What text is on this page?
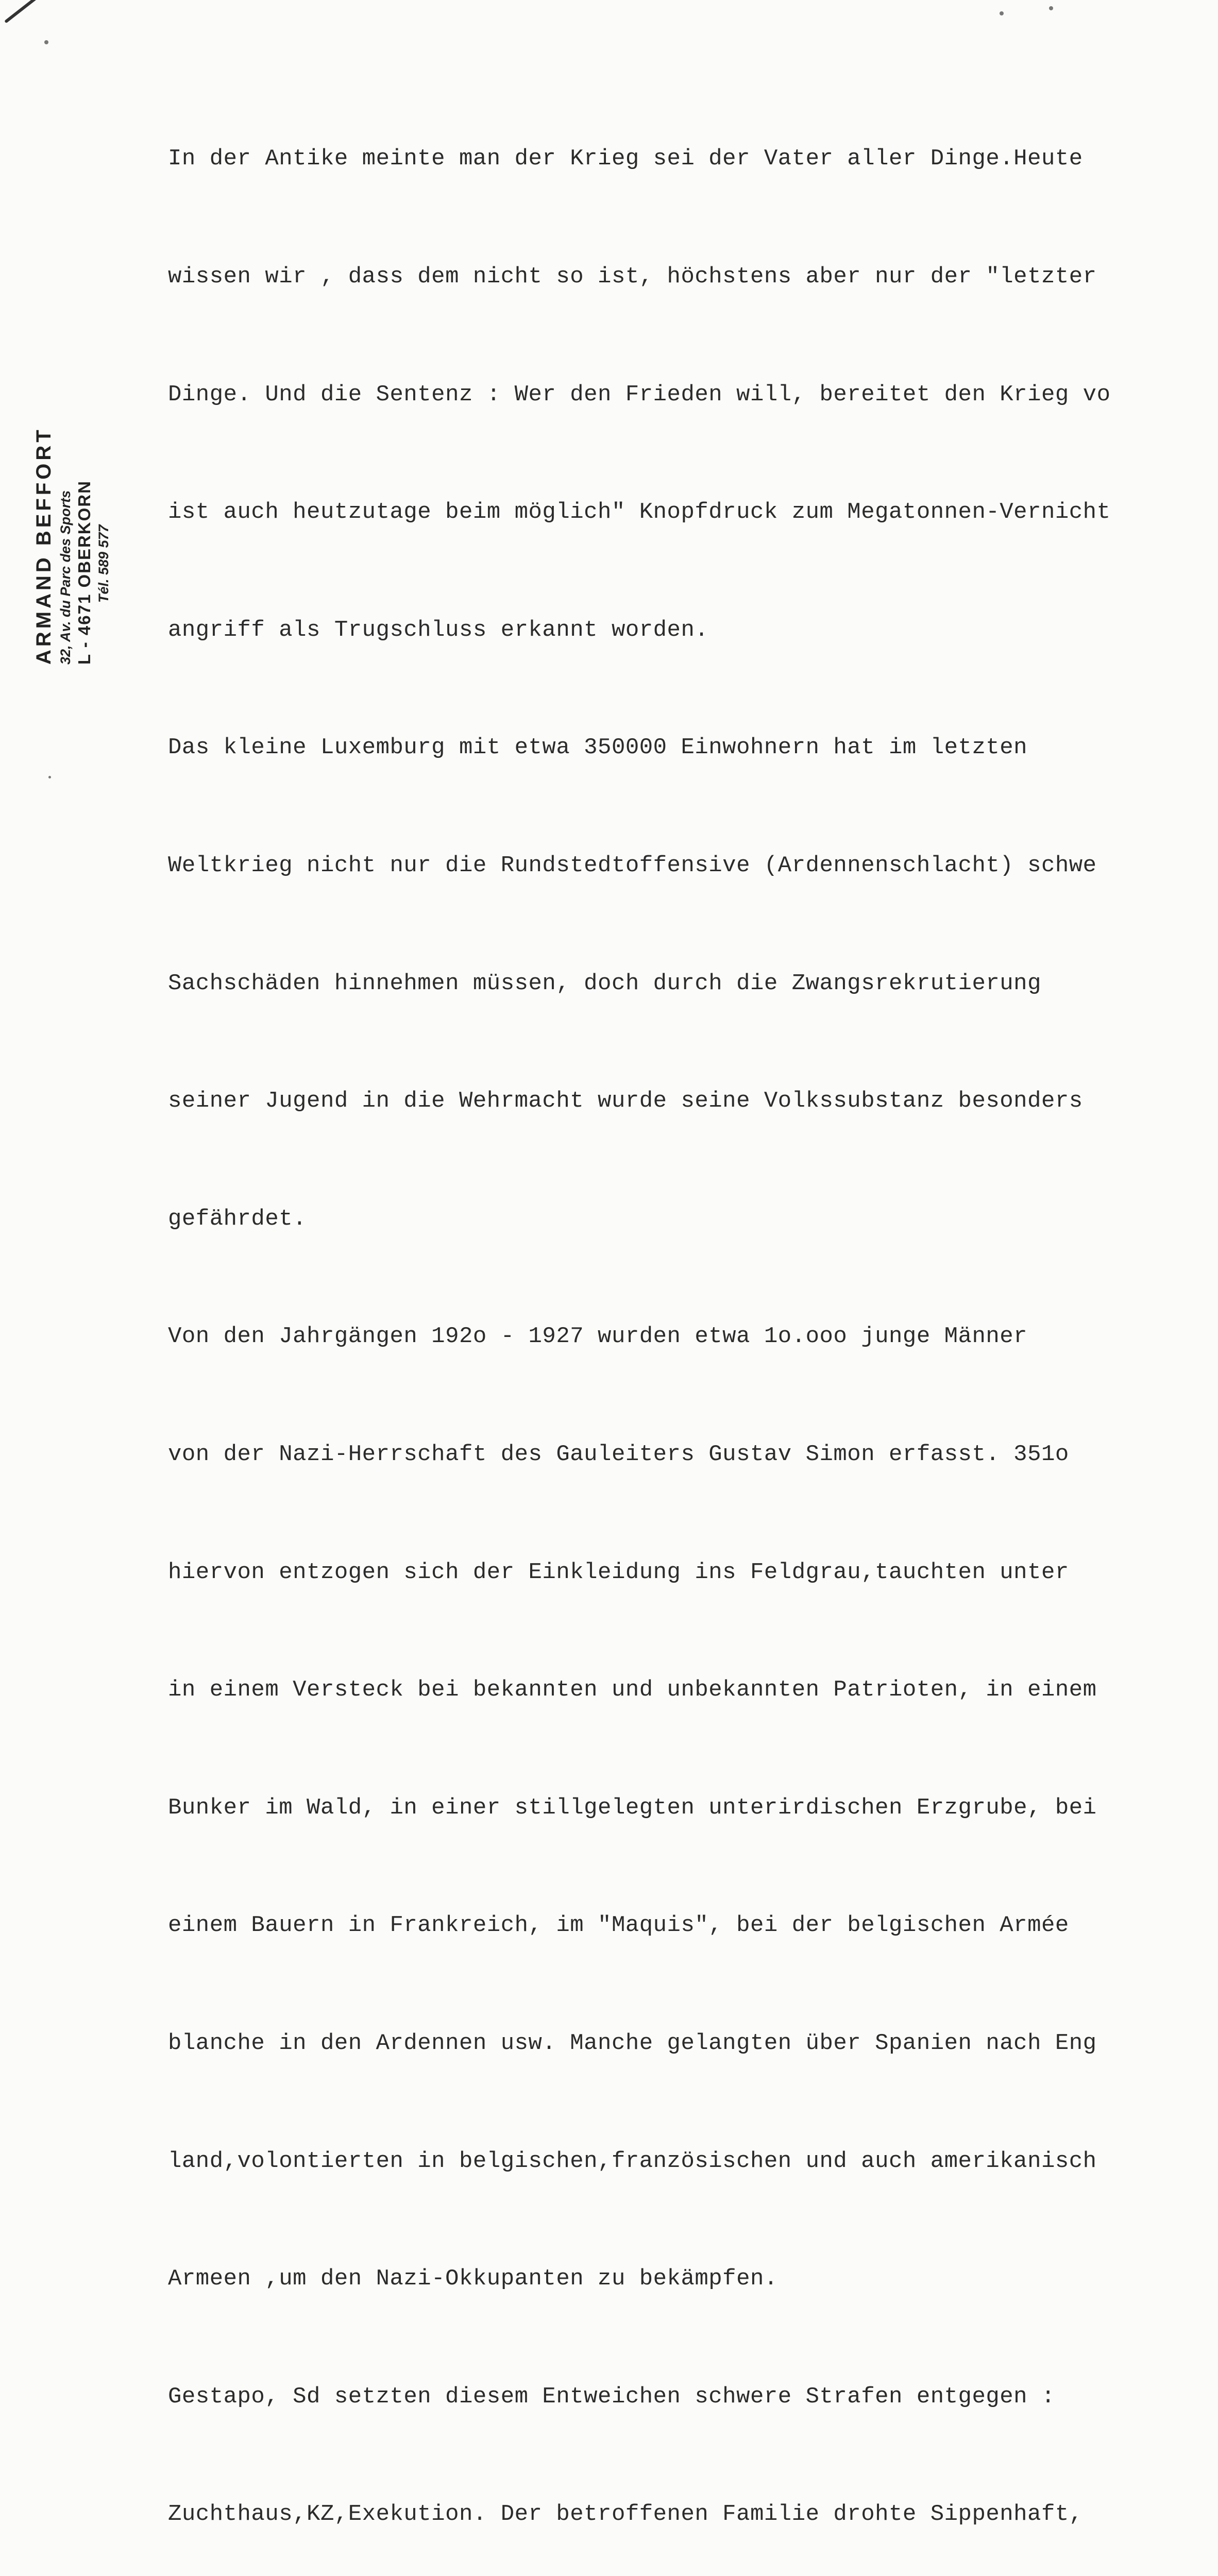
ARMAND BEFFORT 32, Av. du Parc des Sports L - 4671 OBERKORN Tél. 589 577

In der Antike meinte man der Krieg sei der Vater aller Dinge.Heute

wissen wir , dass dem nicht so ist, höchstens aber nur der "letzter

Dinge. Und die Sentenz : Wer den Frieden will, bereitet den Krieg vo

ist auch heutzutage beim möglich" Knopfdruck zum Megatonnen-Vernicht

angriff als Trugschluss erkannt worden.

Das kleine Luxemburg mit etwa 350000 Einwohnern hat im letzten

Weltkrieg nicht nur die Rundstedtoffensive (Ardennenschlacht) schwe

Sachschäden hinnehmen müssen, doch durch die Zwangsrekrutierung

seiner Jugend in die Wehrmacht wurde seine Volkssubstanz besonders

gefährdet.

Von den Jahrgängen 192o - 1927 wurden etwa 1o.ooo junge Männer

von der Nazi-Herrschaft des Gauleiters Gustav Simon erfasst. 351o

hiervon entzogen sich der Einkleidung ins Feldgrau,tauchten unter

in einem Versteck bei bekannten und unbekannten Patrioten, in einem

Bunker im Wald, in einer stillgelegten unterirdischen Erzgrube, bei

einem Bauern in Frankreich, im "Maquis", bei der belgischen Armée

blanche in den Ardennen usw. Manche gelangten über Spanien nach Eng

land,volontierten in belgischen,französischen und auch amerikanisch

Armeen ,um den Nazi-Okkupanten zu bekämpfen.

Gestapo, Sd setzten diesem Entweichen schwere Strafen entgegen :

Zuchthaus,KZ,Exekution. Der betroffenen Familie drohte Sippenhaft,
